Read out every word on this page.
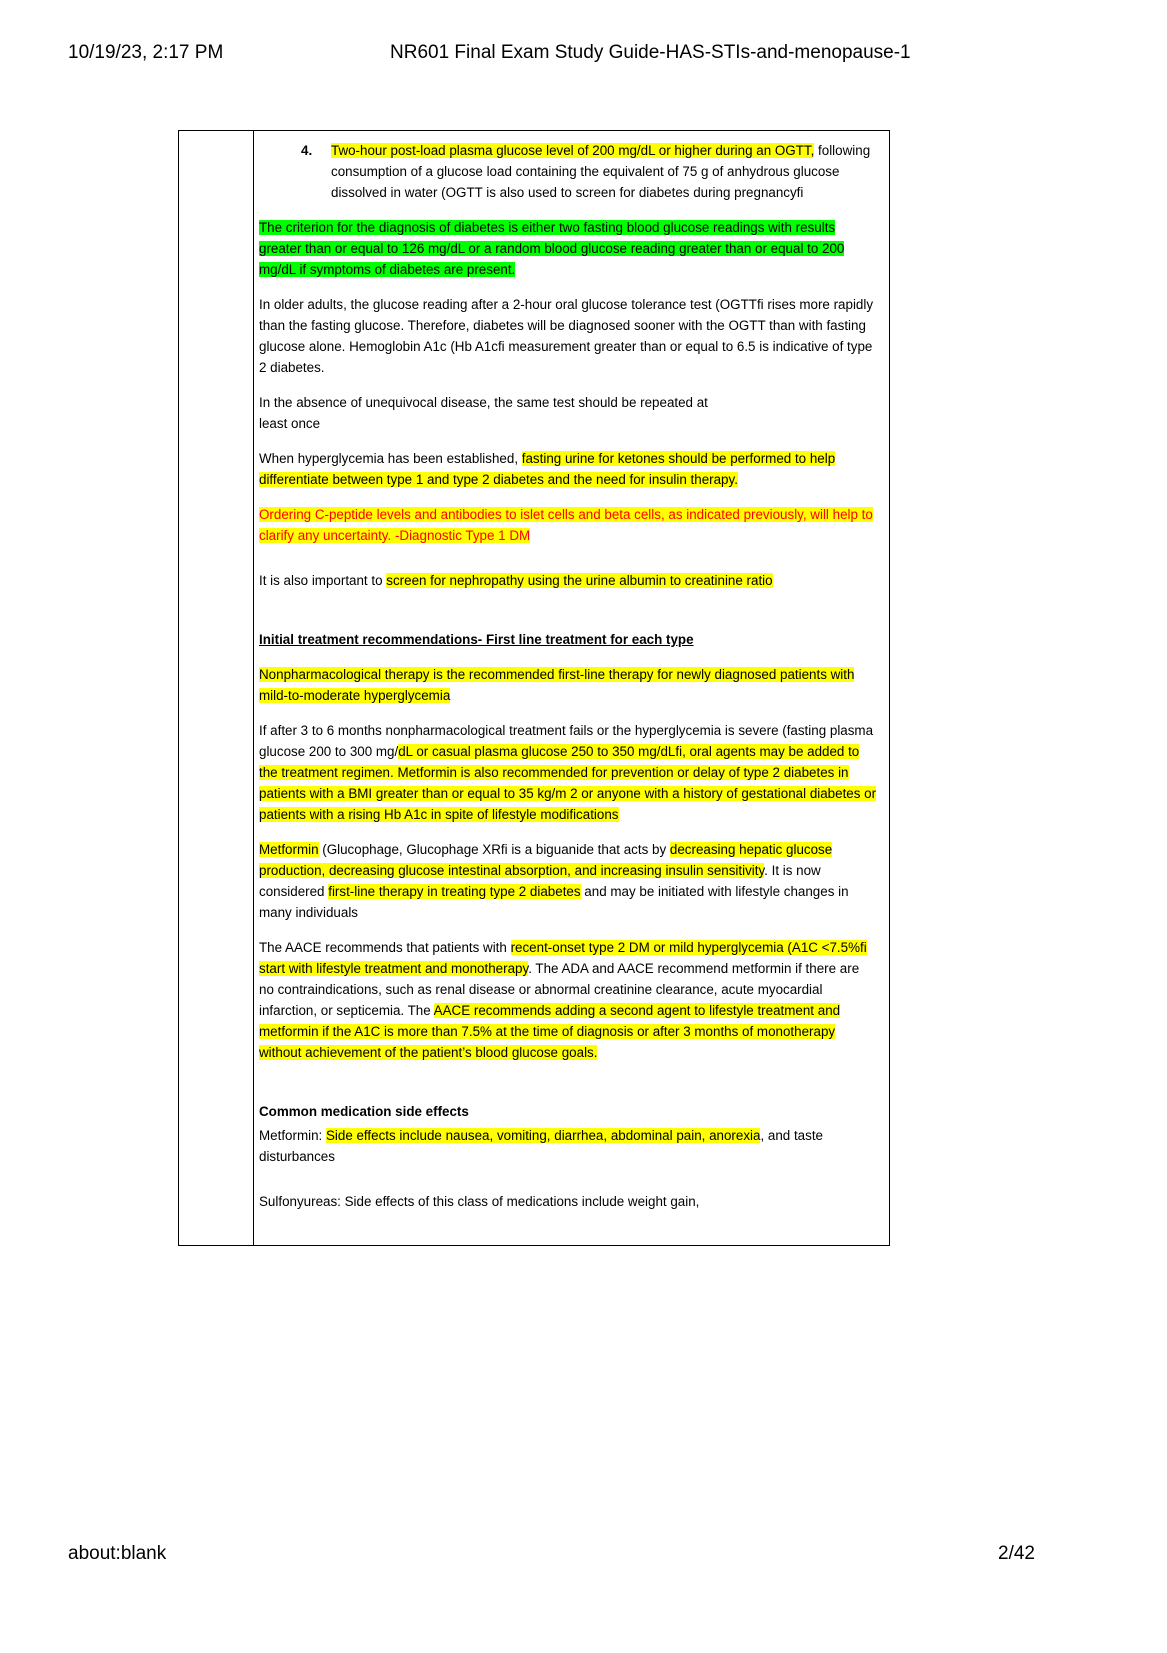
10/19/23, 2:17 PM	NR601 Final Exam Study Guide-HAS-STIs-and-menopause-1
4. Two-hour post-load plasma glucose level of 200 mg/dL or higher during an OGTT, following consumption of a glucose load containing the equivalent of 75 g of anhydrous glucose dissolved in water (OGTT is also used to screen for diabetes during pregnancyfi
The criterion for the diagnosis of diabetes is either two fasting blood glucose readings with results greater than or equal to 126 mg/dL or a random blood glucose reading greater than or equal to 200 mg/dL if symptoms of diabetes are present.
In older adults, the glucose reading after a 2-hour oral glucose tolerance test (OGTTfi rises more rapidly than the fasting glucose. Therefore, diabetes will be diagnosed sooner with the OGTT than with fasting glucose alone. Hemoglobin A1c (Hb A1cfi measurement greater than or equal to 6.5 is indicative of type 2 diabetes.
In the absence of unequivocal disease, the same test should be repeated at
least once
When hyperglycemia has been established, fasting urine for ketones should be performed to help differentiate between type 1 and type 2 diabetes and the need for insulin therapy.
Ordering C-peptide levels and antibodies to islet cells and beta cells, as indicated previously, will help to clarify any uncertainty. -Diagnostic Type 1 DM
It is also important to screen for nephropathy using the urine albumin to creatinine ratio
Initial treatment recommendations- First line treatment for each type
Nonpharmacological therapy is the recommended first-line therapy for newly diagnosed patients with mild-to-moderate hyperglycemia
If after 3 to 6 months nonpharmacological treatment fails or the hyperglycemia is severe (fasting plasma glucose 200 to 300 mg/dL or casual plasma glucose 250 to 350 mg/dLfi, oral agents may be added to the treatment regimen. Metformin is also recommended for prevention or delay of type 2 diabetes in patients with a BMI greater than or equal to 35 kg/m 2 or anyone with a history of gestational diabetes or patients with a rising Hb A1c in spite of lifestyle modifications
Metformin (Glucophage, Glucophage XRfi is a biguanide that acts by decreasing hepatic glucose production, decreasing glucose intestinal absorption, and increasing insulin sensitivity. It is now considered first-line therapy in treating type 2 diabetes and may be initiated with lifestyle changes in many individuals
The AACE recommends that patients with recent-onset type 2 DM or mild hyperglycemia (A1C <7.5%fi start with lifestyle treatment and monotherapy. The ADA and AACE recommend metformin if there are no contraindications, such as renal disease or abnormal creatinine clearance, acute myocardial infarction, or septicemia. The AACE recommends adding a second agent to lifestyle treatment and metformin if the A1C is more than 7.5% at the time of diagnosis or after 3 months of monotherapy without achievement of the patient’s blood glucose goals.
Common medication side effects
Metformin: Side effects include nausea, vomiting, diarrhea, abdominal pain, anorexia, and taste disturbances
Sulfonyureas: Side effects of this class of medications include weight gain,
about:blank	2/42
